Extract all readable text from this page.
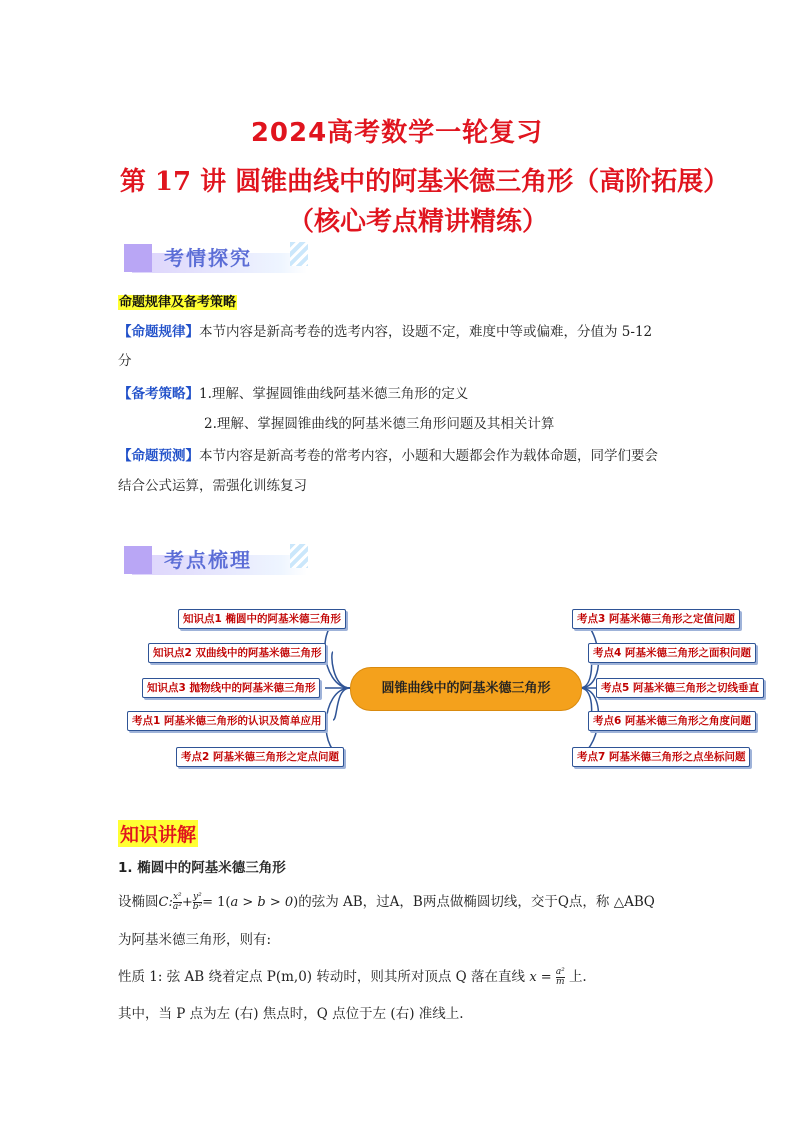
2024高考数学一轮复习
第 17 讲 圆锥曲线中的阿基米德三角形（高阶拓展）（核心考点精讲精练）
考情探究
命题规律及备考策略
【命题规律】本节内容是新高考卷的选考内容，设题不定，难度中等或偏难，分值为 5-12
分
【备考策略】1.理解、掌握圆锥曲线阿基米德三角形的定义
2.理解、掌握圆锥曲线的阿基米德三角形问题及其相关计算
【命题预测】本节内容是新高考卷的常考内容，小题和大题都会作为载体命题，同学们要会
结合公式运算，需强化训练复习
考点梳理
圆锥曲线中的阿基米德三角形
知识点1 椭圆中的阿基米德三角形
知识点2 双曲线中的阿基米德三角形
知识点3 抛物线中的阿基米德三角形
考点1 阿基米德三角形的认识及简单应用
考点2 阿基米德三角形之定点问题
考点3 阿基米德三角形之定值问题
考点4 阿基米德三角形之面积问题
考点5 阿基米德三角形之切线垂直
考点6 阿基米德三角形之角度问题
考点7 阿基米德三角形之点坐标问题
知识讲解
1. 椭圆中的阿基米德三角形
设椭圆C: $\frac{\text{x²}}{\text{a²}} + \frac{\text{y²}}{\text{b²}} = 1(a > b > 0)$的弦为 AB，过A，B两点做椭圆切线，交于Q点，称 △ABQ
为阿基米德三角形，则有:
性质 1: 弦 AB 绕着定点 P(m,0) 转动时，则其所对顶点 Q 落在直线 $x = \frac{\text{a²}}{m}$ 上.
其中，当 P 点为左 (右) 焦点时，Q 点位于左 (右) 准线上.
